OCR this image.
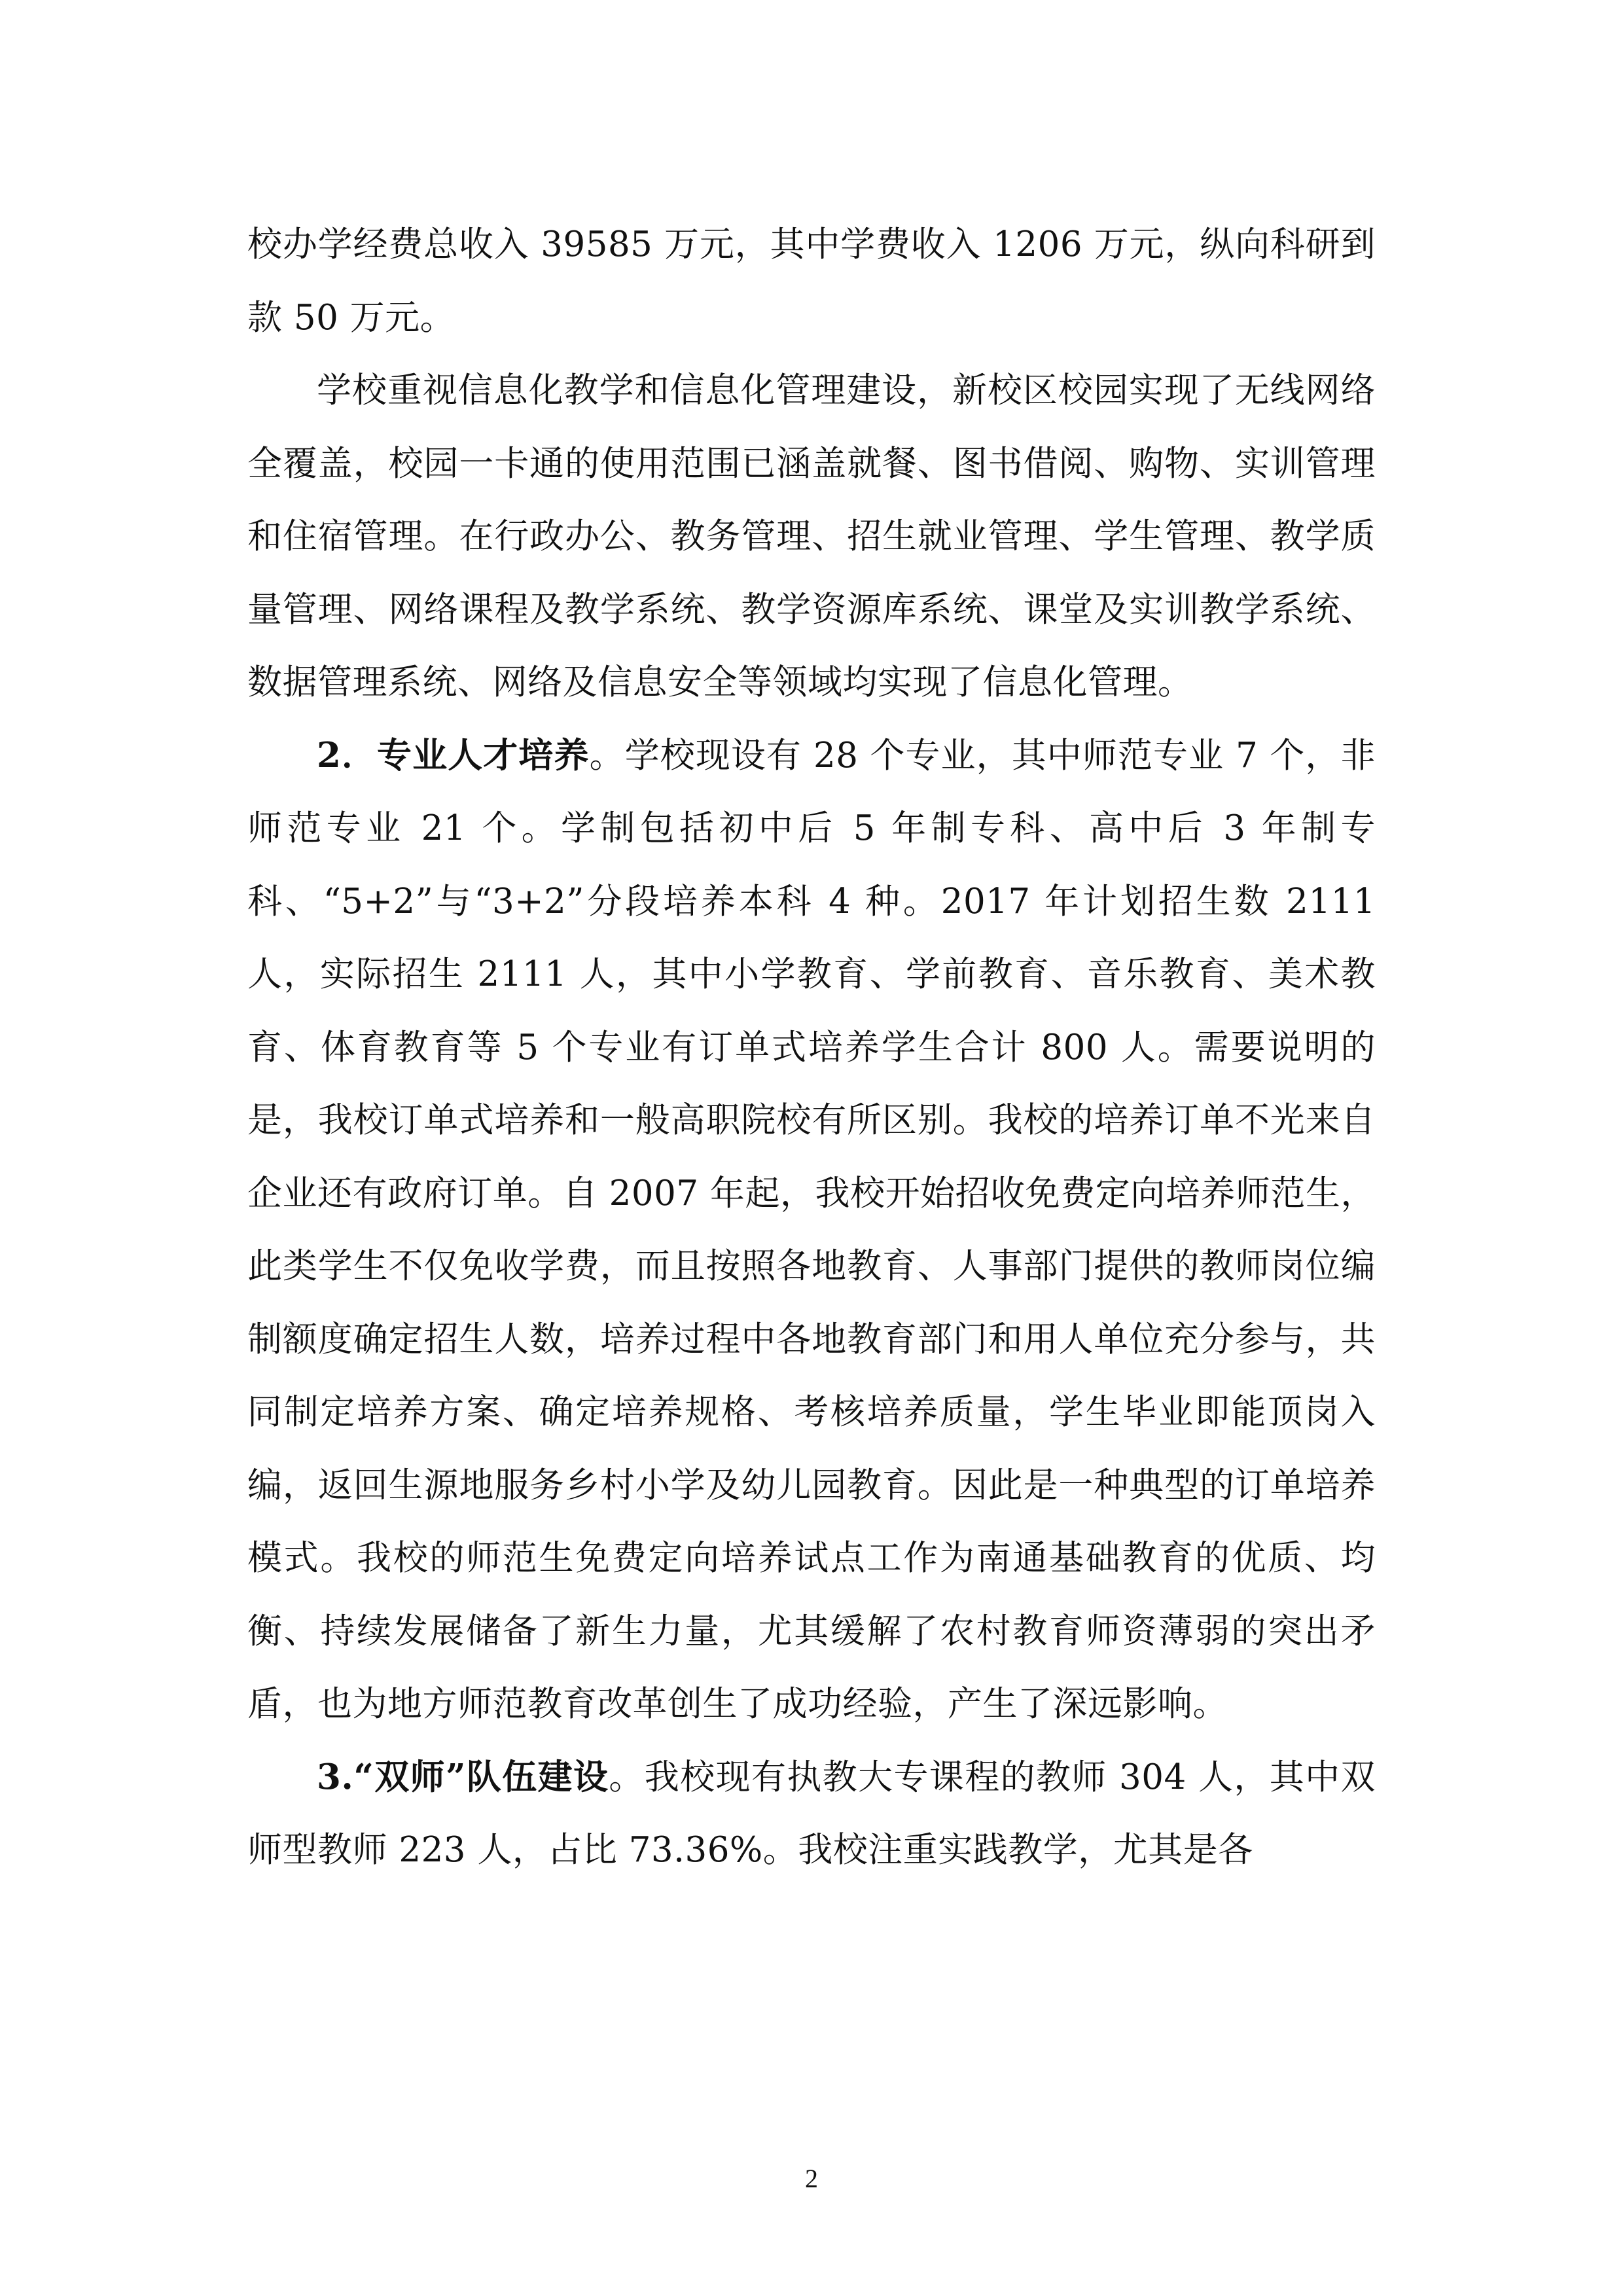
校办学经费总收入 39585 万元，其中学费收入 1206 万元，纵向科研到款 50 万元。

学校重视信息化教学和信息化管理建设，新校区校园实现了无线网络全覆盖，校园一卡通的使用范围已涵盖就餐、图书借阅、购物、实训管理和住宿管理。在行政办公、教务管理、招生就业管理、学生管理、教学质量管理、网络课程及教学系统、教学资源库系统、课堂及实训教学系统、数据管理系统、网络及信息安全等领域均实现了信息化管理。

2．专业人才培养。学校现设有 28 个专业，其中师范专业 7 个，非师范专业 21 个。学制包括初中后 5 年制专科、高中后 3 年制专科、“5+2”与“3+2”分段培养本科 4 种。2017 年计划招生数 2111 人，实际招生 2111 人，其中小学教育、学前教育、音乐教育、美术教育、体育教育等 5 个专业有订单式培养学生合计 800 人。需要说明的是，我校订单式培养和一般高职院校有所区别。我校的培养订单不光来自企业还有政府订单。自 2007 年起，我校开始招收免费定向培养师范生，此类学生不仅免收学费，而且按照各地教育、人事部门提供的教师岗位编制额度确定招生人数，培养过程中各地教育部门和用人单位充分参与，共同制定培养方案、确定培养规格、考核培养质量，学生毕业即能顶岗入编，返回生源地服务乡村小学及幼儿园教育。因此是一种典型的订单培养模式。我校的师范生免费定向培养试点工作为南通基础教育的优质、均衡、持续发展储备了新生力量，尤其缓解了农村教育师资薄弱的突出矛盾，也为地方师范教育改革创生了成功经验，产生了深远影响。

3.“双师”队伍建设。我校现有执教大专课程的教师 304 人，其中双师型教师 223 人，占比 73.36%。我校注重实践教学，尤其是各

2
